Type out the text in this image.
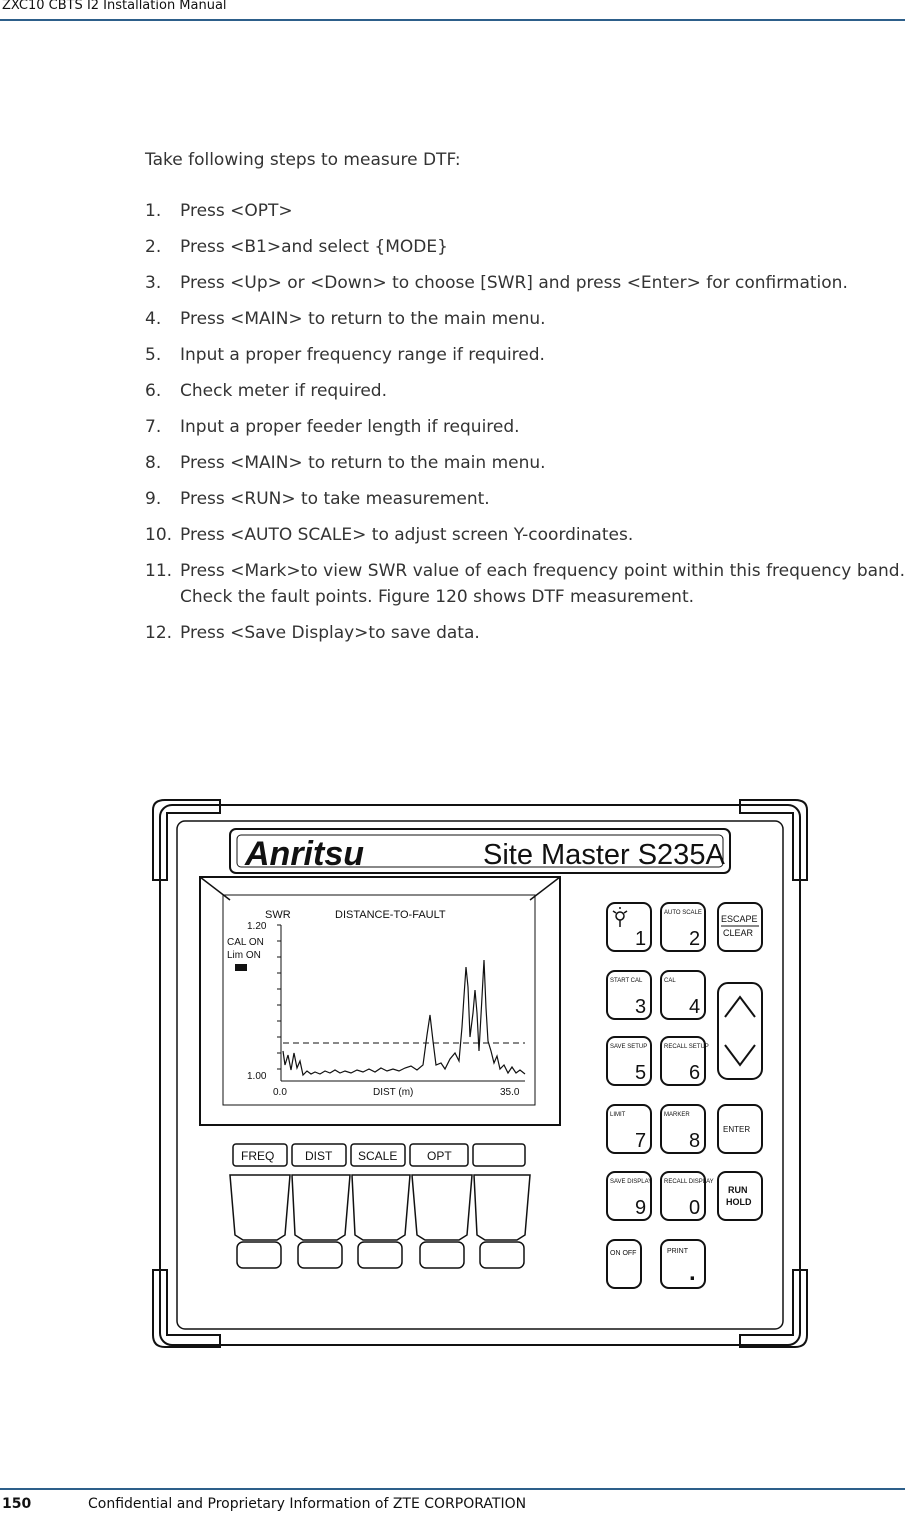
ZXC10 CBTS I2 Installation Manual
Take following steps to measure DTF:
1. Press <OPT>
2. Press <B1>and select {MODE}
3. Press <Up> or <Down> to choose [SWR] and press <Enter> for confirmation.
4. Press <MAIN> to return to the main menu.
5. Input a proper frequency range if required.
6. Check meter if required.
7. Input a proper feeder length if required.
8. Press <MAIN> to return to the main menu.
9. Press <RUN> to take measurement.
10. Press <AUTO SCALE> to adjust screen Y-coordinates.
11. Press <Mark>to view SWR value of each frequency point within this frequency band. Check the fault points. Figure 120 shows DTF measurement.
12. Press <Save Display>to save data.
Anritsu	Site Master S235A
SWR	DISTANCE-TO-FAULT
1.20
CAL ON
Lim ON
1.00
0.0	DIST (m)	35.0
FREQ	DIST SCALE OPT
AUTO SCALE
START CAL	CAL
SAVE SETUP	RECALL SETUP
LIMIT	MARKER
SAVE DISPLAY RECALL DISPLAY
ON OFF	PRINT
1 2
3 4
5 6
7 8
9 0
.
ESCAPE
CLEAR
ENTER
RUN
HOLD
150	Confidential and Proprietary Information of ZTE CORPORATION
